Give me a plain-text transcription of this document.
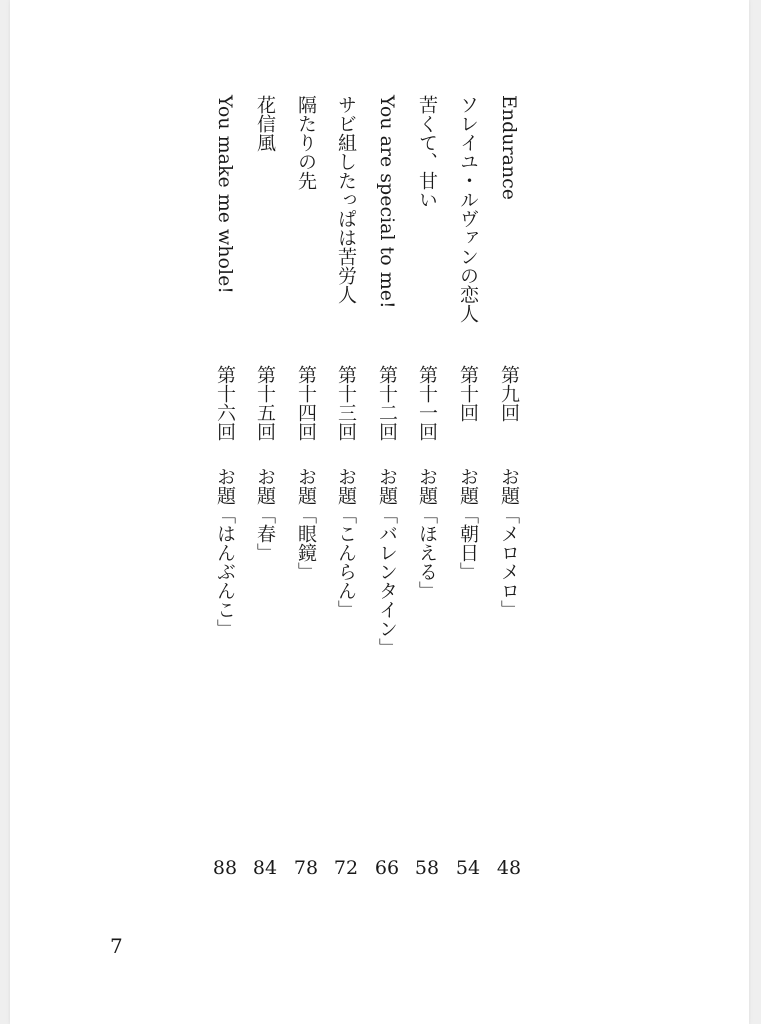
Endurance
第九回
お題「メロメロ」
48
ソレイユ・ルヴァンの恋人
第十回
お題「朝日」
54
苦くて、甘い
第十一回
お題「ほえる」
58
You are special to me!
第十二回
お題「バレンタイン」
66
サビ組したっぱは苦労人
第十三回
お題「こんらん」
72
隔たりの先
第十四回
お題「眼鏡」
78
花信風
第十五回
お題「春」
84
You make me whole!
第十六回
お題「はんぶんこ」
88
7
